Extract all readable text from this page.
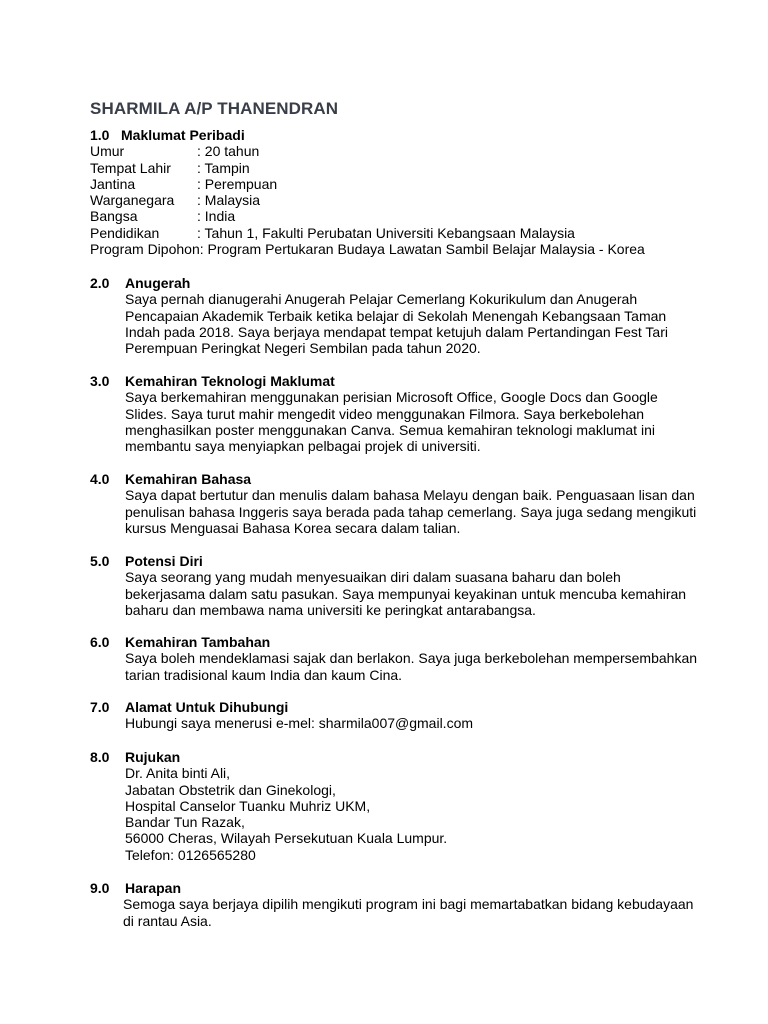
SHARMILA A/P THANENDRAN
1.0 Maklumat Peribadi
Umur	: 20 tahun
Tempat Lahir	: Tampin
Jantina	: Perempuan
Warganegara	: Malaysia
Bangsa	: India
Pendidikan	: Tahun 1, Fakulti Perubatan Universiti Kebangsaan Malaysia
Program Dipohon: Program Pertukaran Budaya Lawatan Sambil Belajar Malaysia - Korea
2.0 Anugerah
Saya pernah dianugerahi Anugerah Pelajar Cemerlang Kokurikulum dan Anugerah
Pencapaian Akademik Terbaik ketika belajar di Sekolah Menengah Kebangsaan Taman
Indah pada 2018. Saya berjaya mendapat tempat ketujuh dalam Pertandingan Fest Tari
Perempuan Peringkat Negeri Sembilan pada tahun 2020.
3.0 Kemahiran Teknologi Maklumat
Saya berkemahiran menggunakan perisian Microsoft Office, Google Docs dan Google
Slides. Saya turut mahir mengedit video menggunakan Filmora. Saya berkebolehan
menghasilkan poster menggunakan Canva. Semua kemahiran teknologi maklumat ini
membantu saya menyiapkan pelbagai projek di universiti.
4.0 Kemahiran Bahasa
Saya dapat bertutur dan menulis dalam bahasa Melayu dengan baik. Penguasaan lisan dan
penulisan bahasa Inggeris saya berada pada tahap cemerlang. Saya juga sedang mengikuti
kursus Menguasai Bahasa Korea secara dalam talian.
5.0 Potensi Diri
Saya seorang yang mudah menyesuaikan diri dalam suasana baharu dan boleh
bekerjasama dalam satu pasukan. Saya mempunyai keyakinan untuk mencuba kemahiran
baharu dan membawa nama universiti ke peringkat antarabangsa.
6.0 Kemahiran Tambahan
Saya boleh mendeklamasi sajak dan berlakon. Saya juga berkebolehan mempersembahkan
tarian tradisional kaum India dan kaum Cina.
7.0 Alamat Untuk Dihubungi
Hubungi saya menerusi e-mel: sharmila007@gmail.com
8.0 Rujukan
Dr. Anita binti Ali,
Jabatan Obstetrik dan Ginekologi,
Hospital Canselor Tuanku Muhriz UKM,
Bandar Tun Razak,
56000 Cheras, Wilayah Persekutuan Kuala Lumpur.
Telefon: 0126565280
9.0 Harapan
Semoga saya berjaya dipilih mengikuti program ini bagi memartabatkan bidang kebudayaan
di rantau Asia.
